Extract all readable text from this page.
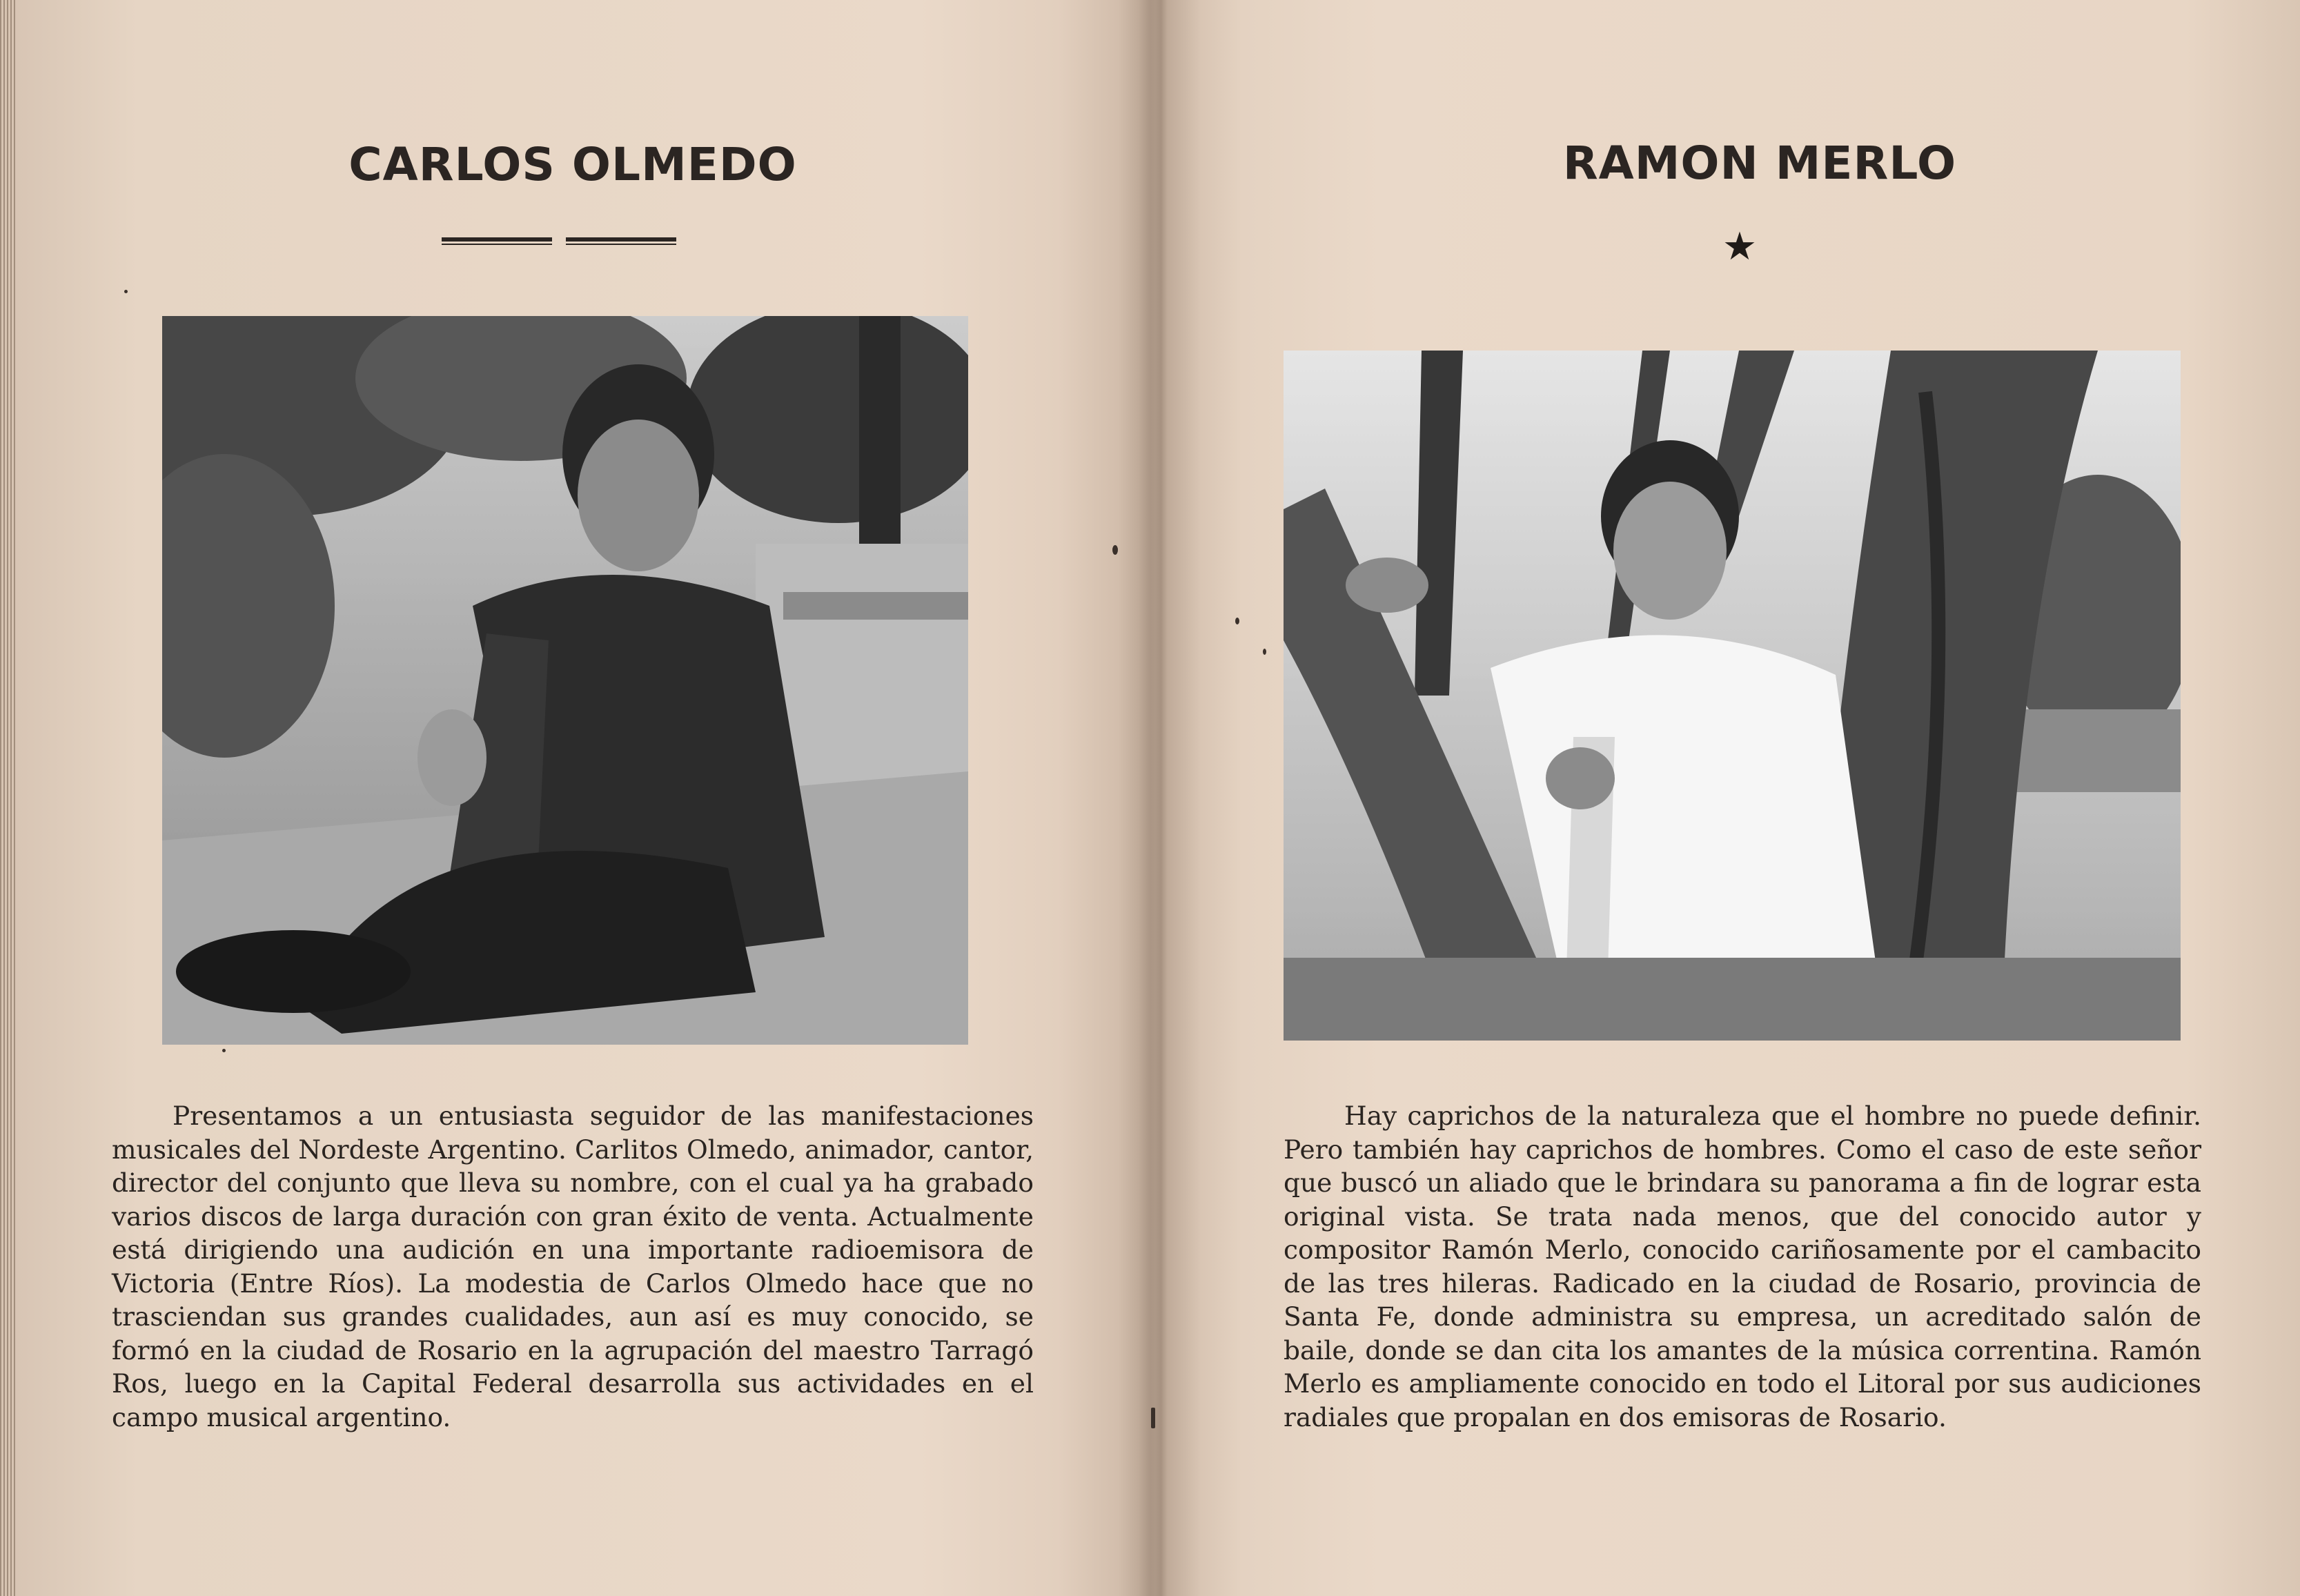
CARLOS OLMEDO

Presentamos a un entusiasta seguidor de las manifestaciones musicales del Nordeste Argentino. Carlitos Olmedo, animador, cantor, director del conjunto que lleva su nombre, con el cual ya ha grabado varios discos de larga duración con gran éxito de venta. Actualmente está dirigiendo una audición en una importante radioemisora de Victoria (Entre Ríos). La modestia de Carlos Olmedo hace que no trasciendan sus grandes cualidades, aun así es muy conocido, se formó en la ciudad de Rosario en la agrupación del maestro Tarragó Ros, luego en la Capital Federal desarrolla sus actividades en el campo musical argentino.

RAMON MERLO
★

Hay caprichos de la naturaleza que el hombre no puede definir. Pero también hay caprichos de hombres. Como el caso de este señor que buscó un aliado que le brindara su panorama a fin de lograr esta original vista. Se trata nada menos, que del conocido autor y compositor Ramón Merlo, conocido cariñosamente por el cambacito de las tres hileras. Radicado en la ciudad de Rosario, provincia de Santa Fe, donde administra su empresa, un acreditado salón de baile, donde se dan cita los amantes de la música correntina. Ramón Merlo es ampliamente conocido en todo el Litoral por sus audiciones radiales que propalan en dos emisoras de Rosario.
